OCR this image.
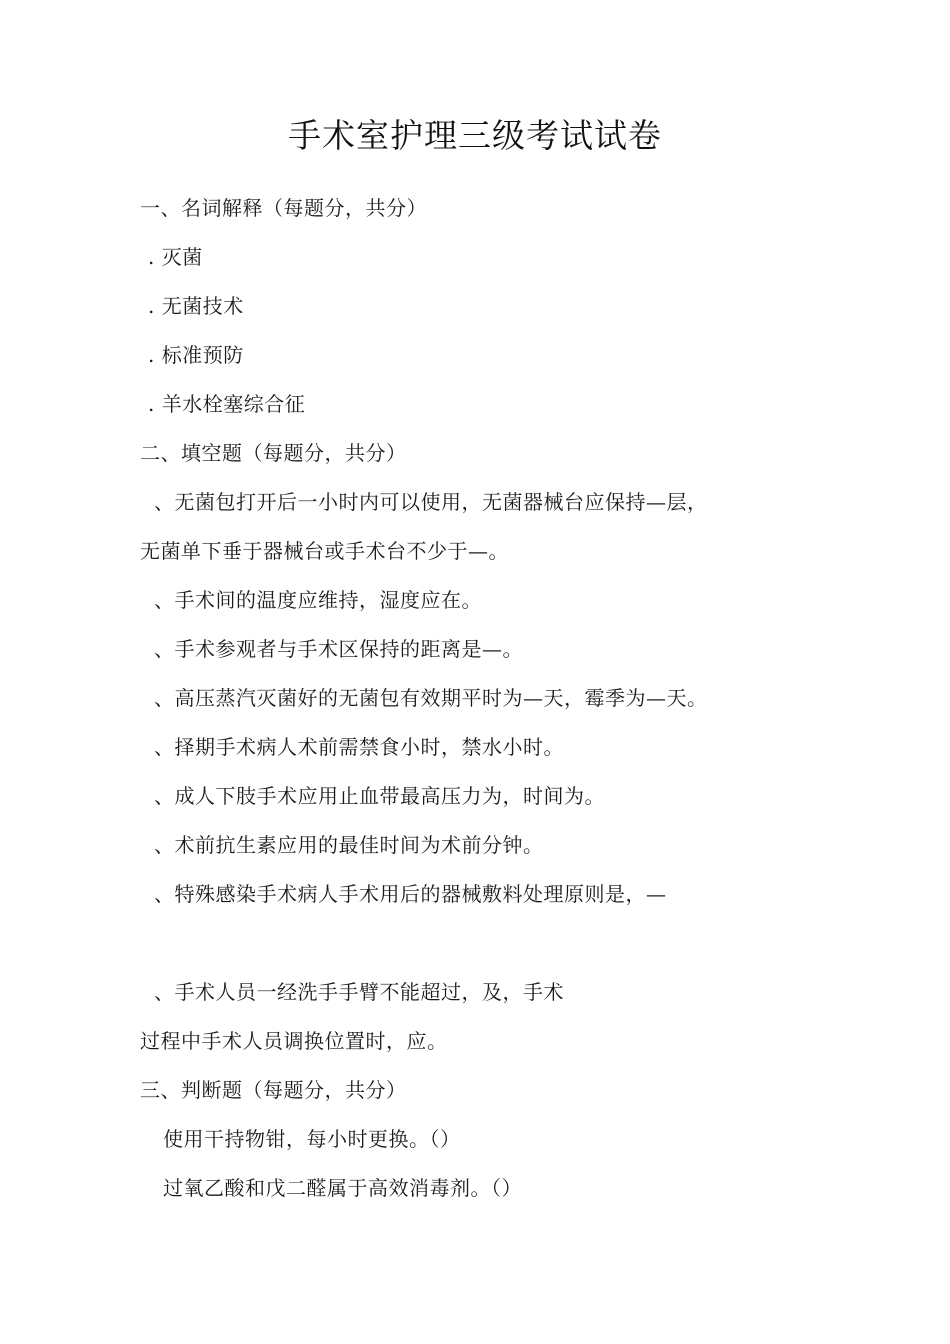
手术室护理三级考试试卷
一、名词解释（每题分，共分）
. 灭菌
. 无菌技术
. 标准预防
. 羊水栓塞综合征
二、填空题（每题分，共分）
、无菌包打开后一小时内可以使用，无菌器械台应保持—层，
无菌单下垂于器械台或手术台不少于—。
、手术间的温度应维持，湿度应在。
、手术参观者与手术区保持的距离是—。
、高压蒸汽灭菌好的无菌包有效期平时为—天，霉季为—天。
、择期手术病人术前需禁食小时，禁水小时。
、成人下肢手术应用止血带最高压力为，时间为。
、术前抗生素应用的最佳时间为术前分钟。
、特殊感染手术病人手术用后的器械敷料处理原则是，—
、手术人员一经洗手手臂不能超过，及，手术
过程中手术人员调换位置时，应。
三、判断题（每题分，共分）
使用干持物钳，每小时更换。（）
过氧乙酸和戊二醛属于高效消毒剂。（）
